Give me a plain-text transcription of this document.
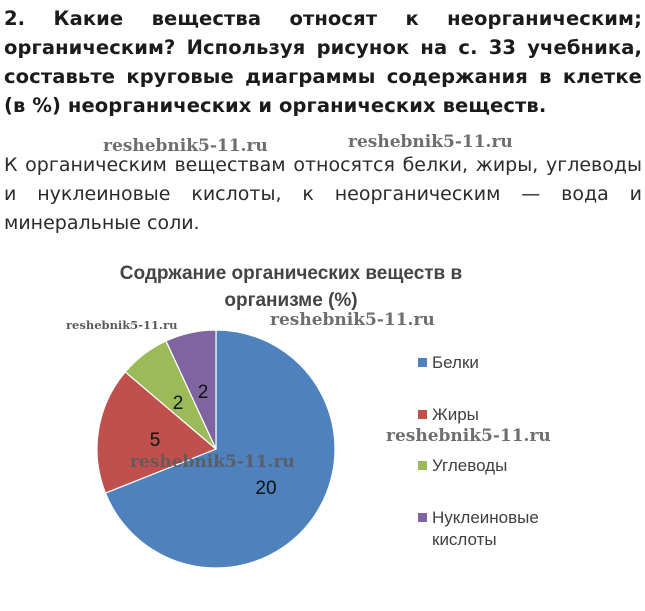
2. Какие вещества относят к неорганическим; органическим? Используя рисунок на с. 33 учебника, составьте круговые диаграммы содержания в клетке (в %) неорганических и органических веществ.
К органическим веществам относятся белки, жиры, углеводы и нуклеиновые кислоты, к неорганическим — вода и минеральные соли.
reshebnik5-11.ru	reshebnik5-11.ru
Содржание органических веществ в организме (%)
20
5
2
2
Белки
Жиры
Углеводы
Нуклеиновые кислоты
reshebnik5-11.ru	reshebnik5-11.ru
reshebnik5-11.ru
reshebnik5-11.ru
